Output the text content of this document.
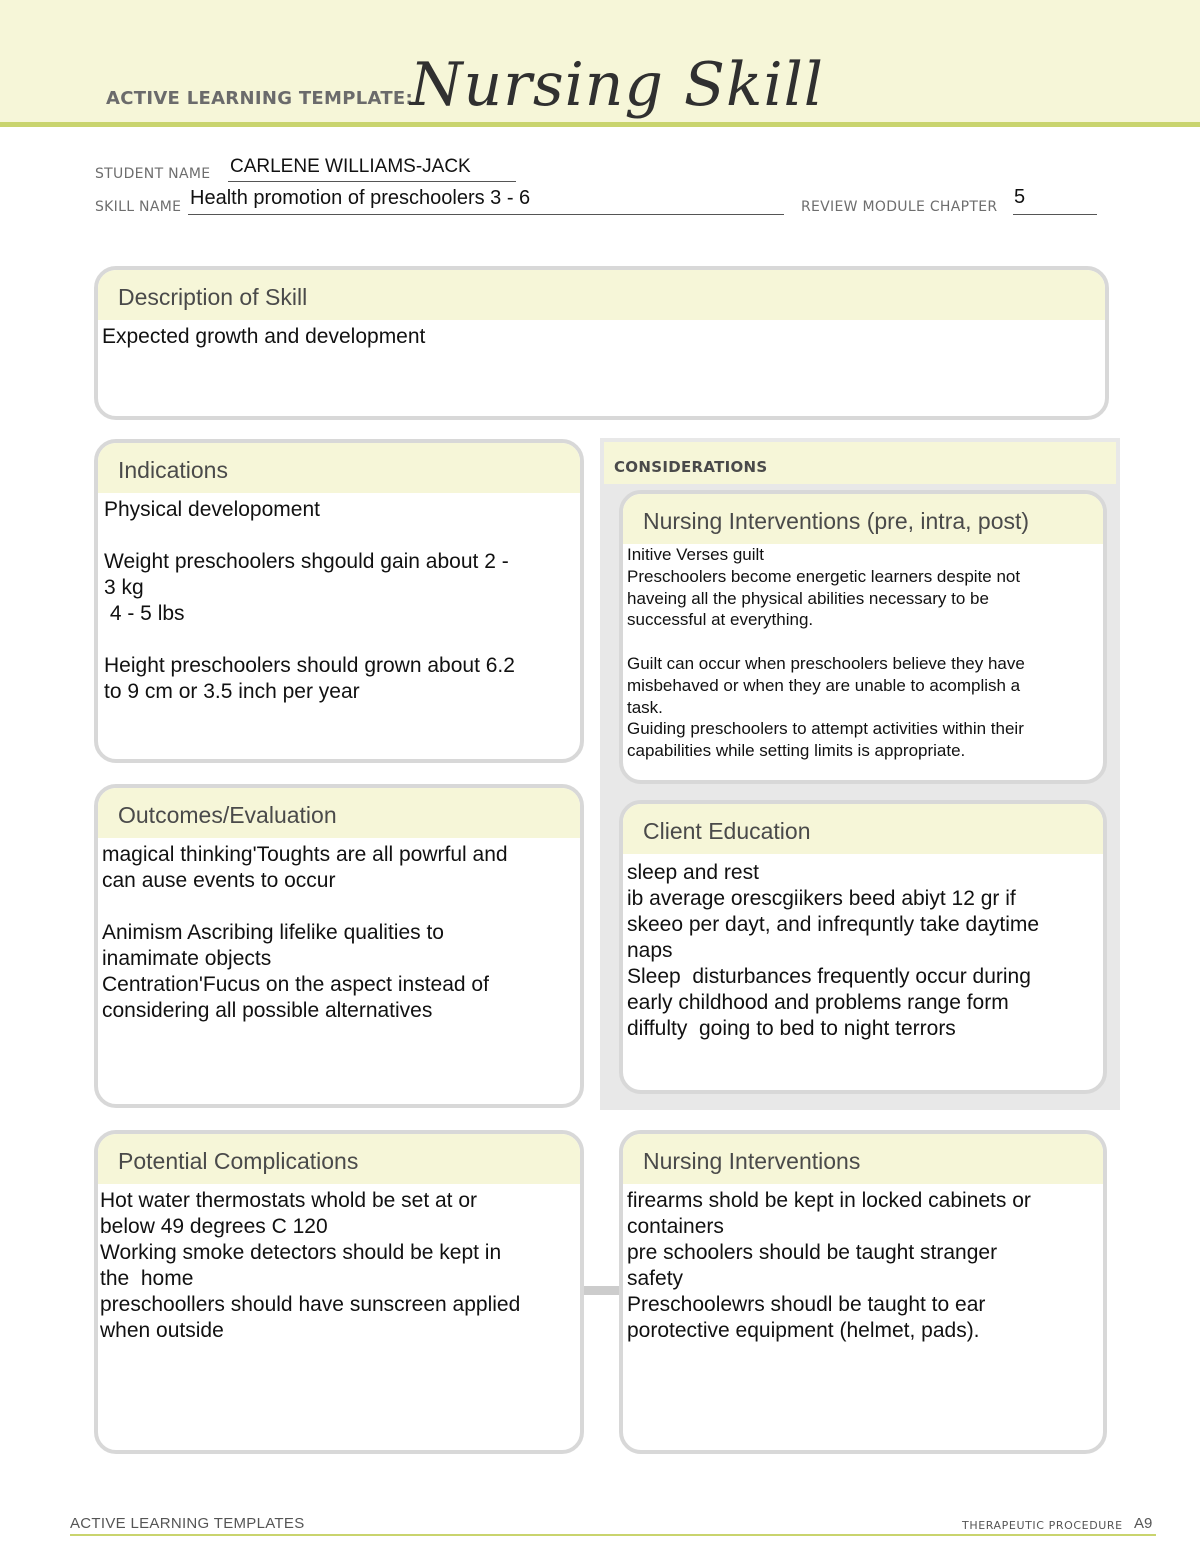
ACTIVE LEARNING TEMPLATE:
Nursing Skill
STUDENT NAME CARLENE WILLIAMS-JACK
SKILL NAME Health promotion of preschoolers 3 - 6	REVIEW MODULE CHAPTER 5
Description of Skill
Expected growth and development
CONSIDERATIONS
Indications
Physical developoment

Weight preschoolers shgould gain about 2 -
3 kg
4 - 5 lbs

Height preschoolers should grown about 6.2
to 9 cm or 3.5 inch per year
Nursing Interventions (pre, intra, post)
Initive Verses guilt
Preschoolers become energetic learners despite not
haveing all the physical abilities necessary to be
successful at everything.

Guilt can occur when preschoolers believe they have
misbehaved or when they are unable to acomplish a
task.
Guiding preschoolers to attempt activities within their
capabilities while setting limits is appropriate.
Outcomes/Evaluation
magical thinking'Toughts are all powrful and
can ause events to occur

Animism Ascribing lifelike qualities to
inamimate objects
Centration'Fucus on the aspect instead of
considering all possible alternatives
Client Education
sleep and rest
ib average orescgiikers beed abiyt 12 gr if
skeeo per dayt, and infrequntly take daytime
naps
Sleep  disturbances frequently occur during
early childhood and problems range form
diffulty  going to bed to night terrors
Potential Complications
Hot water thermostats whold be set at or
below 49 degrees C 120
Working smoke detectors should be kept in
the  home
preschoollers should have sunscreen applied
when outside
Nursing Interventions
firearms shold be kept in locked cabinets or
containers
pre schoolers should be taught stranger
safety
Preschoolewrs shoudl be taught to ear
porotective equipment (helmet, pads).
ACTIVE LEARNING TEMPLATES	THERAPEUTIC PROCEDURE A9
